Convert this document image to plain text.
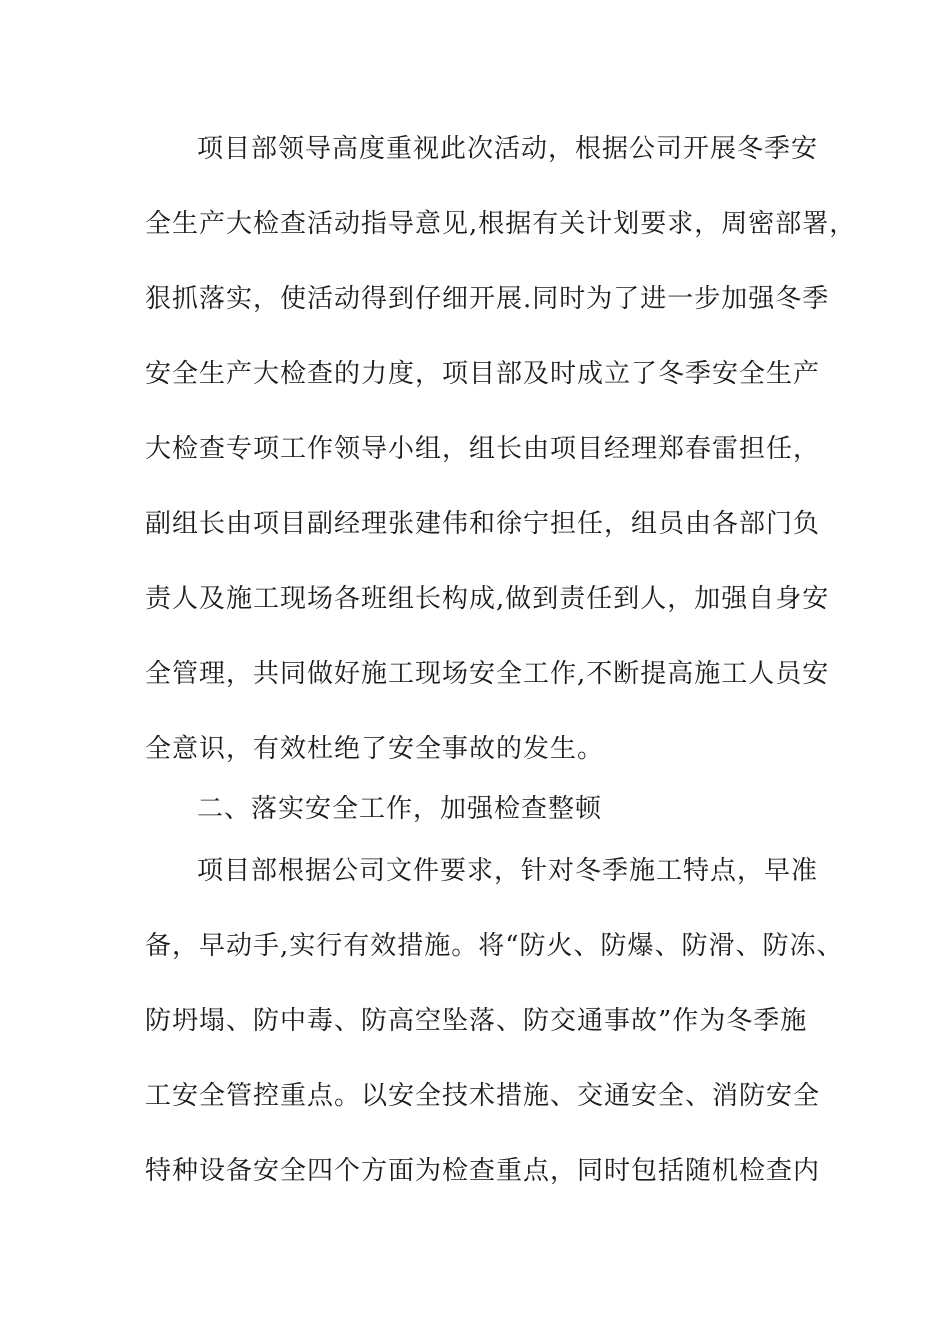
项目部领导高度重视此次活动，根据公司开展冬季安
全生产大检查活动指导意见,根据有关计划要求，周密部署，
狠抓落实，使活动得到仔细开展.同时为了进一步加强冬季
安全生产大检查的力度，项目部及时成立了冬季安全生产
大检查专项工作领导小组，组长由项目经理郑春雷担任，
副组长由项目副经理张建伟和徐宁担任，组员由各部门负
责人及施工现场各班组长构成,做到责任到人，加强自身安
全管理，共同做好施工现场安全工作,不断提高施工人员安
全意识，有效杜绝了安全事故的发生。
二、落实安全工作，加强检查整顿
项目部根据公司文件要求，针对冬季施工特点，早准
备，早动手,实行有效措施。将“防火、防爆、防滑、防冻、
防坍塌、防中毒、防高空坠落、防交通事故”作为冬季施
工安全管控重点。以安全技术措施、交通安全、消防安全
特种设备安全四个方面为检查重点，同时包括随机检查内
